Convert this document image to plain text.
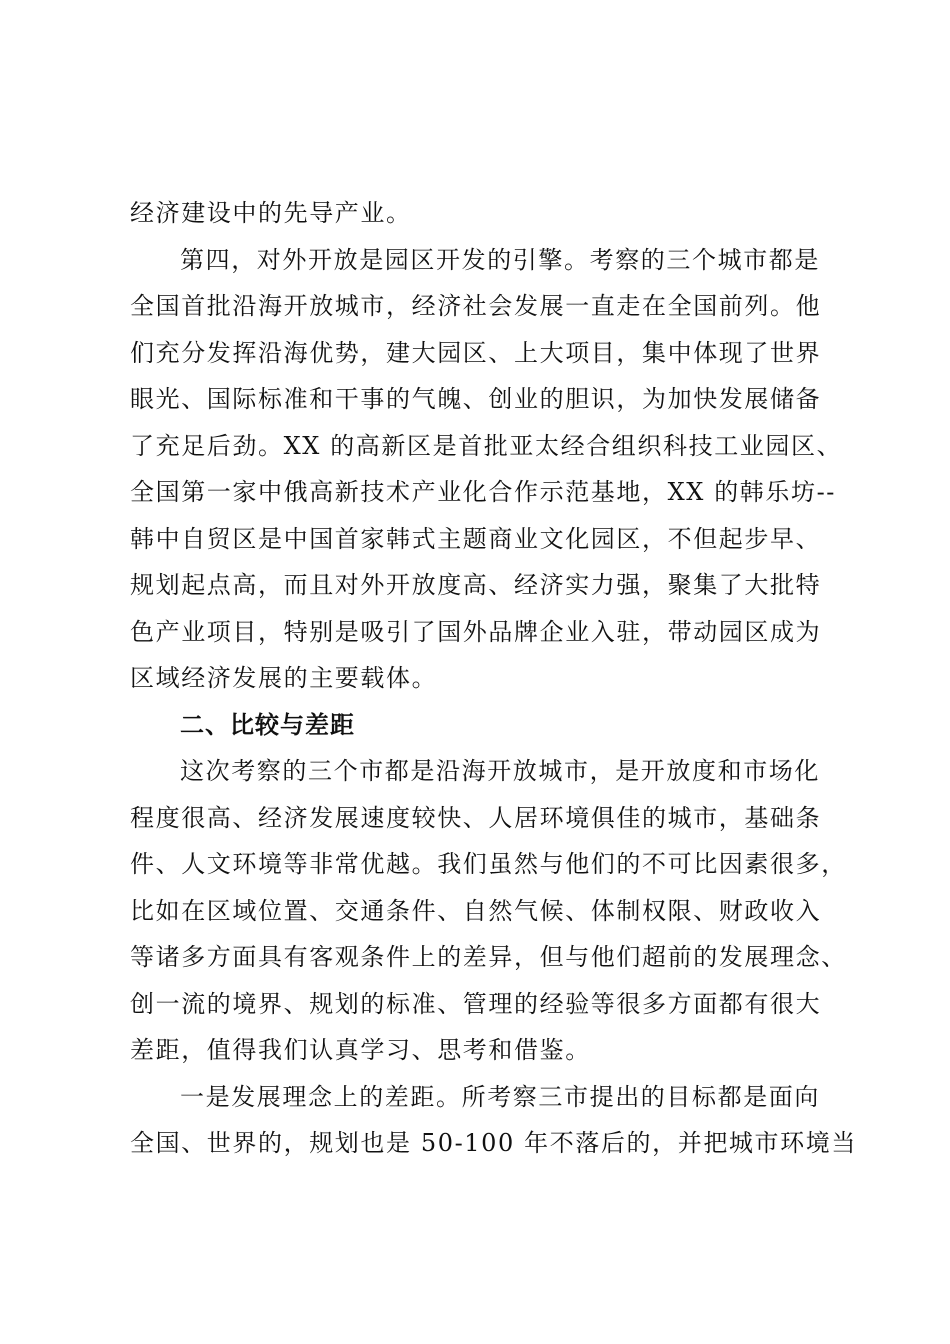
经济建设中的先导产业。
第四，对外开放是园区开发的引擎。考察的三个城市都是
全国首批沿海开放城市，经济社会发展一直走在全国前列。他
们充分发挥沿海优势，建大园区、上大项目，集中体现了世界
眼光、国际标准和干事的气魄、创业的胆识，为加快发展储备
了充足后劲。XX 的高新区是首批亚太经合组织科技工业园区、
全国第一家中俄高新技术产业化合作示范基地，XX 的韩乐坊--
韩中自贸区是中国首家韩式主题商业文化园区，不但起步早、
规划起点高，而且对外开放度高、经济实力强，聚集了大批特
色产业项目，特别是吸引了国外品牌企业入驻，带动园区成为
区域经济发展的主要载体。
二、比较与差距
这次考察的三个市都是沿海开放城市，是开放度和市场化
程度很高、经济发展速度较快、人居环境俱佳的城市，基础条
件、人文环境等非常优越。我们虽然与他们的不可比因素很多，
比如在区域位置、交通条件、自然气候、体制权限、财政收入
等诸多方面具有客观条件上的差异，但与他们超前的发展理念、
创一流的境界、规划的标准、管理的经验等很多方面都有很大
差距，值得我们认真学习、思考和借鉴。
一是发展理念上的差距。所考察三市提出的目标都是面向
全国、世界的，规划也是 50-100 年不落后的，并把城市环境当
